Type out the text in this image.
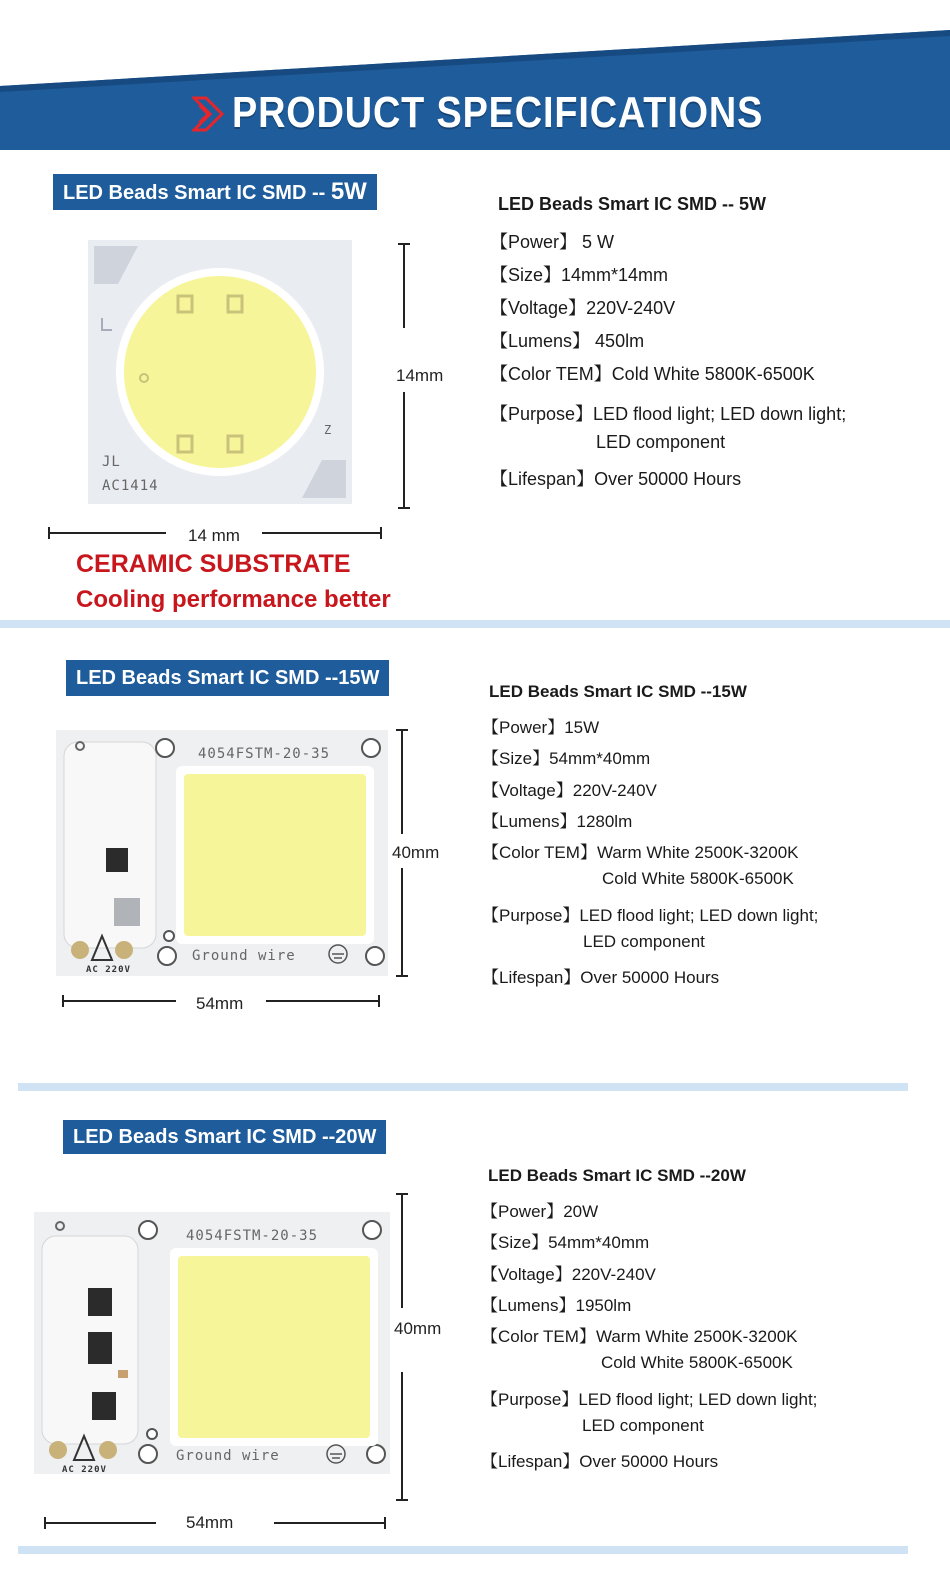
PRODUCT SPECIFICATIONS
LED Beads Smart IC SMD -- 5W
Z
JL
AC1414
14mm
14 mm
CERAMIC SUBSTRATE
Cooling performance better
LED Beads Smart IC SMD -- 5W
【Power】 5 W
【Size】14mm*14mm
【Voltage】220V-240V
【Lumens】 450lm
【Color TEM】Cold White 5800K-6500K
【Purpose】LED flood light; LED down light;
LED component
【Lifespan】Over 50000 Hours
LED Beads Smart IC SMD --15W
4054FSTM-20-35
Ground wire
AC 220V
40mm
54mm
LED Beads Smart IC SMD --15W
【Power】15W
【Size】54mm*40mm
【Voltage】220V-240V
【Lumens】1280lm
【Color TEM】Warm White 2500K-3200K
Cold White 5800K-6500K
【Purpose】LED flood light; LED down light;
LED component
【Lifespan】Over 50000 Hours
LED Beads Smart IC SMD --20W
4054FSTM-20-35
Ground wire
AC 220V
40mm
54mm
LED Beads Smart IC SMD --20W
【Power】20W
【Size】54mm*40mm
【Voltage】220V-240V
【Lumens】1950lm
【Color TEM】Warm White 2500K-3200K
Cold White 5800K-6500K
【Purpose】LED flood light; LED down light;
LED component
【Lifespan】Over 50000 Hours
